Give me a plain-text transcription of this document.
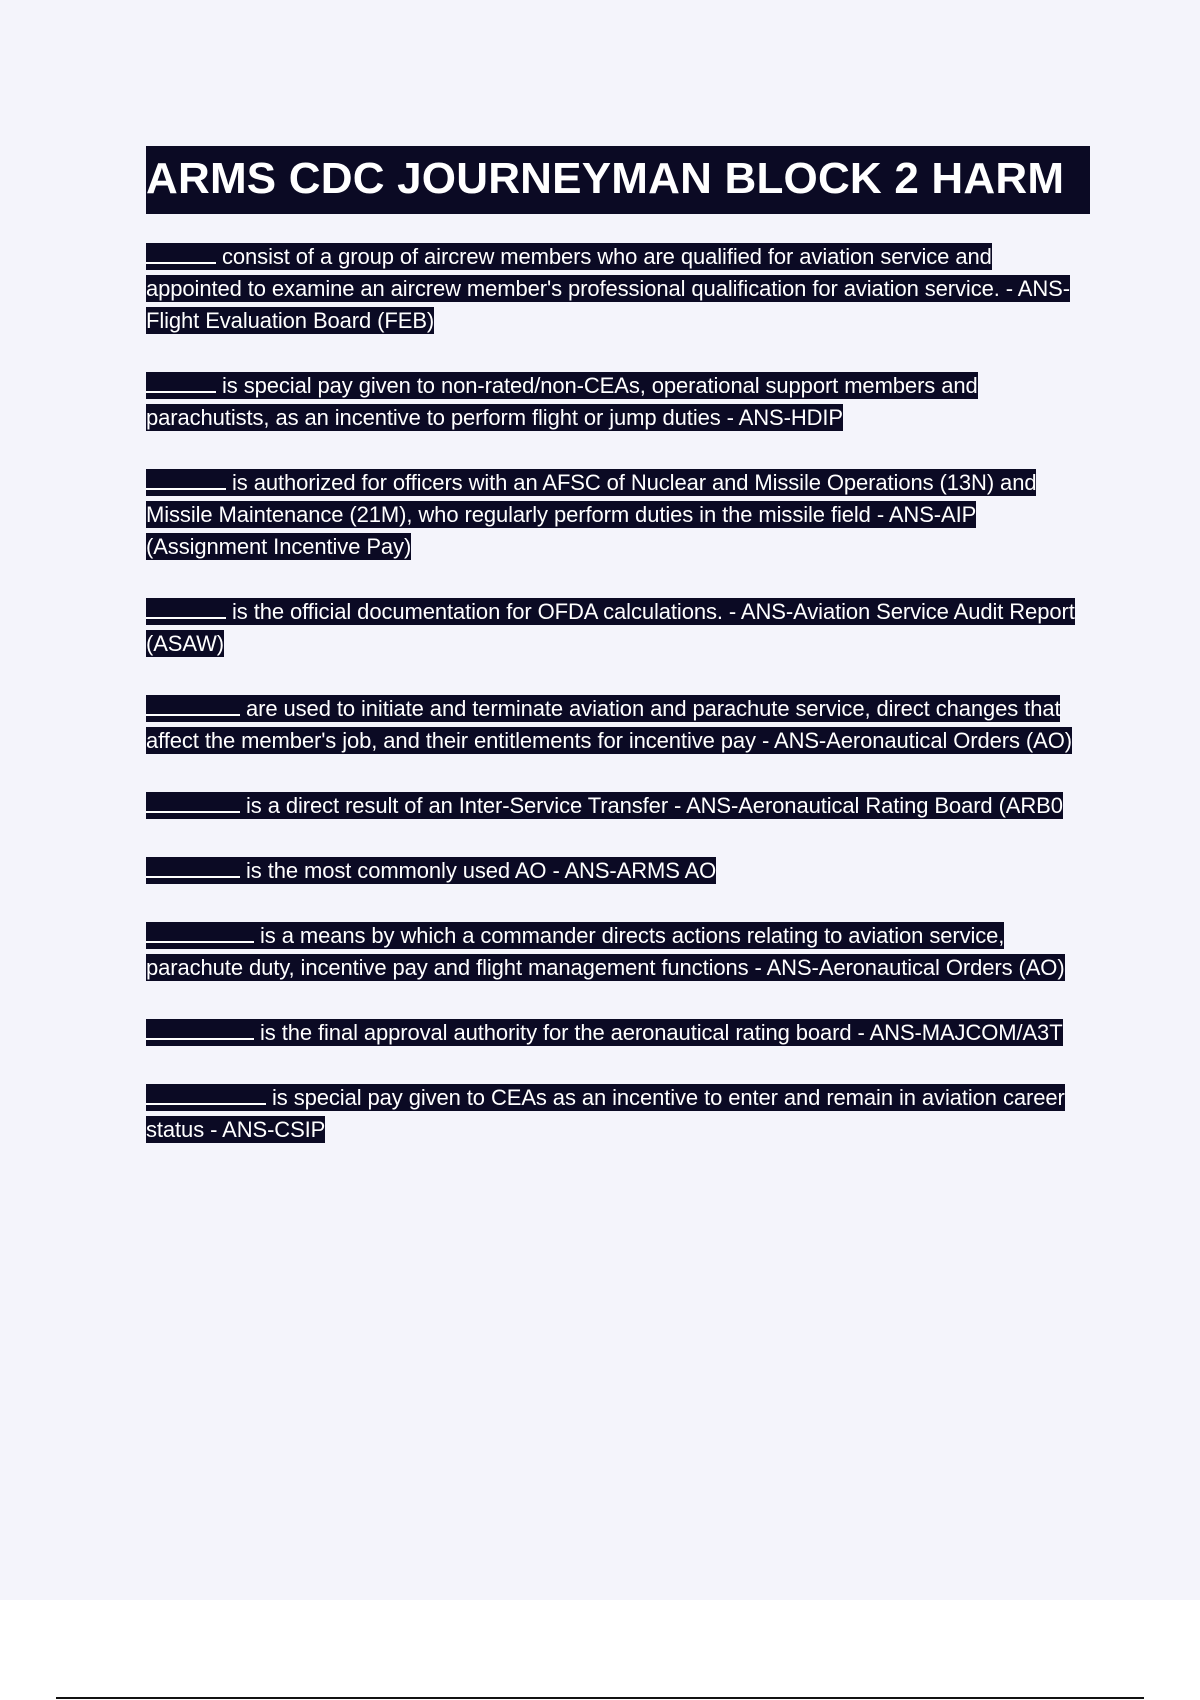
ARMS CDC JOURNEYMAN BLOCK 2 HARM

consist of a group of aircrew members who are qualified for aviation service and appointed to examine an aircrew member's professional qualification for aviation service. - ANS-Flight Evaluation Board (FEB)

is special pay given to non-rated/non-CEAs, operational support members and parachutists, as an incentive to perform flight or jump duties - ANS-HDIP

is authorized for officers with an AFSC of Nuclear and Missile Operations (13N) and Missile Maintenance (21M), who regularly perform duties in the missile field - ANS-AIP (Assignment Incentive Pay)

is the official documentation for OFDA calculations. - ANS-Aviation Service Audit Report (ASAW)

are used to initiate and terminate aviation and parachute service, direct changes that affect the member's job, and their entitlements for incentive pay - ANS-Aeronautical Orders (AO)

is a direct result of an Inter-Service Transfer - ANS-Aeronautical Rating Board (ARB0

is the most commonly used AO - ANS-ARMS AO

is a means by which a commander directs actions relating to aviation service, parachute duty, incentive pay and flight management functions - ANS-Aeronautical Orders (AO)

is the final approval authority for the aeronautical rating board - ANS-MAJCOM/A3T

is special pay given to CEAs as an incentive to enter and remain in aviation career status - ANS-CSIP
